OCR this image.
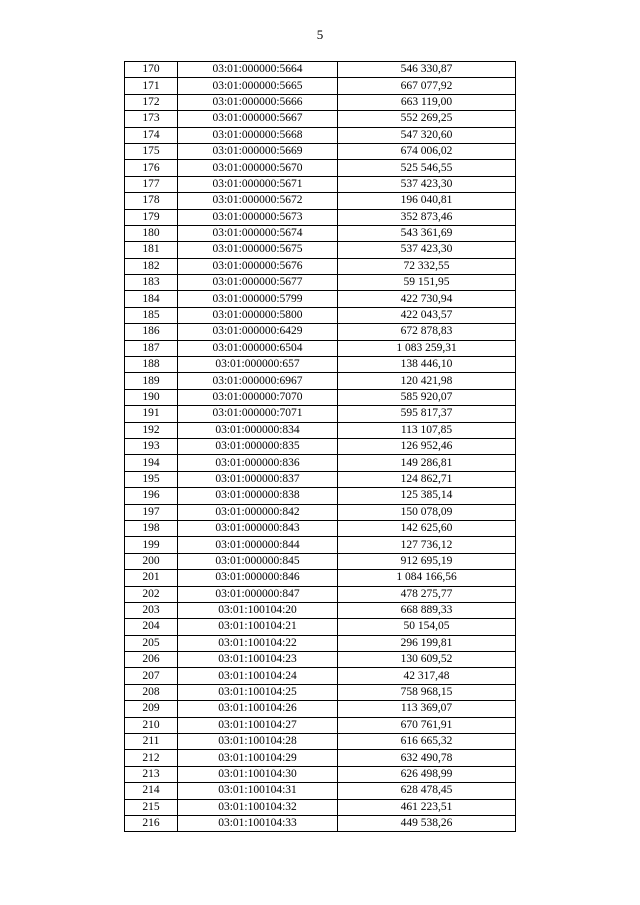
5
170	03:01:000000:5664	546 330,87
171	03:01:000000:5665	667 077,92
172	03:01:000000:5666	663 119,00
173	03:01:000000:5667	552 269,25
174	03:01:000000:5668	547 320,60
175	03:01:000000:5669	674 006,02
176	03:01:000000:5670	525 546,55
177	03:01:000000:5671	537 423,30
178	03:01:000000:5672	196 040,81
179	03:01:000000:5673	352 873,46
180	03:01:000000:5674	543 361,69
181	03:01:000000:5675	537 423,30
182	03:01:000000:5676	72 332,55
183	03:01:000000:5677	59 151,95
184	03:01:000000:5799	422 730,94
185	03:01:000000:5800	422 043,57
186	03:01:000000:6429	672 878,83
187	03:01:000000:6504	1 083 259,31
188	03:01:000000:657	138 446,10
189	03:01:000000:6967	120 421,98
190	03:01:000000:7070	585 920,07
191	03:01:000000:7071	595 817,37
192	03:01:000000:834	113 107,85
193	03:01:000000:835	126 952,46
194	03:01:000000:836	149 286,81
195	03:01:000000:837	124 862,71
196	03:01:000000:838	125 385,14
197	03:01:000000:842	150 078,09
198	03:01:000000:843	142 625,60
199	03:01:000000:844	127 736,12
200	03:01:000000:845	912 695,19
201	03:01:000000:846	1 084 166,56
202	03:01:000000:847	478 275,77
203	03:01:100104:20	668 889,33
204	03:01:100104:21	50 154,05
205	03:01:100104:22	296 199,81
206	03:01:100104:23	130 609,52
207	03:01:100104:24	42 317,48
208	03:01:100104:25	758 968,15
209	03:01:100104:26	113 369,07
210	03:01:100104:27	670 761,91
211	03:01:100104:28	616 665,32
212	03:01:100104:29	632 490,78
213	03:01:100104:30	626 498,99
214	03:01:100104:31	628 478,45
215	03:01:100104:32	461 223,51
216	03:01:100104:33	449 538,26
